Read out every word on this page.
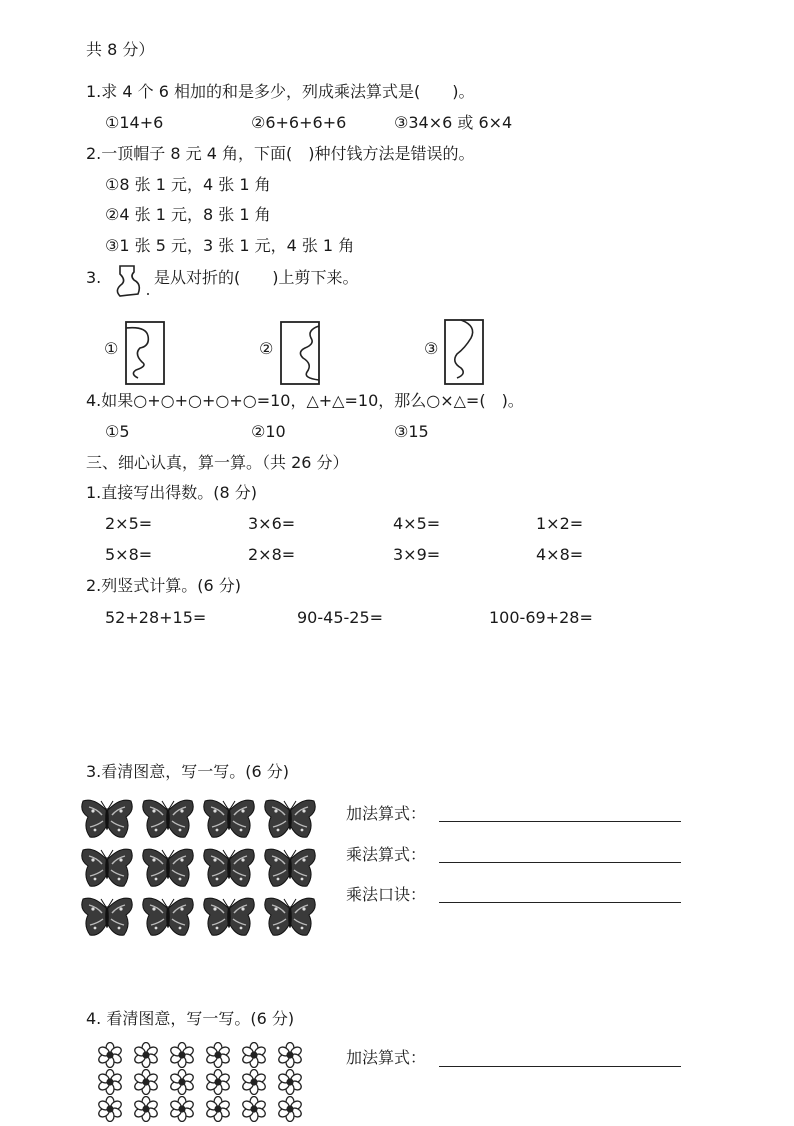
共 8 分）
1.求 4 个 6 相加的和是多少，列成乘法算式是(　　)。
①14+6	②6+6+6+6	③34×6 或 6×4
2.一顶帽子 8 元 4 角，下面(　)种付钱方法是错误的。
①8 张 1 元，4 张 1 角
②4 张 1 元，8 张 1 角
③1 张 5 元，3 张 1 元，4 张 1 角
3.	是从对折的(　　)上剪下来。
①	②	③
4.如果○+○+○+○+○=10，△+△=10，那么○×△=(　)。
①5	②10	③15
三、细心认真，算一算。（共 26 分）
1.直接写出得数。(8 分)
2×5=	3×6=	4×5=	1×2=
5×8=	2×8=	3×9=	4×8=
2.列竖式计算。(6 分)
52+28+15=	90-45-25=	100-69+28=
3.看清图意，写一写。(6 分)
加法算式：
乘法算式：
乘法口诀：
4. 看清图意，写一写。(6 分)
加法算式：
